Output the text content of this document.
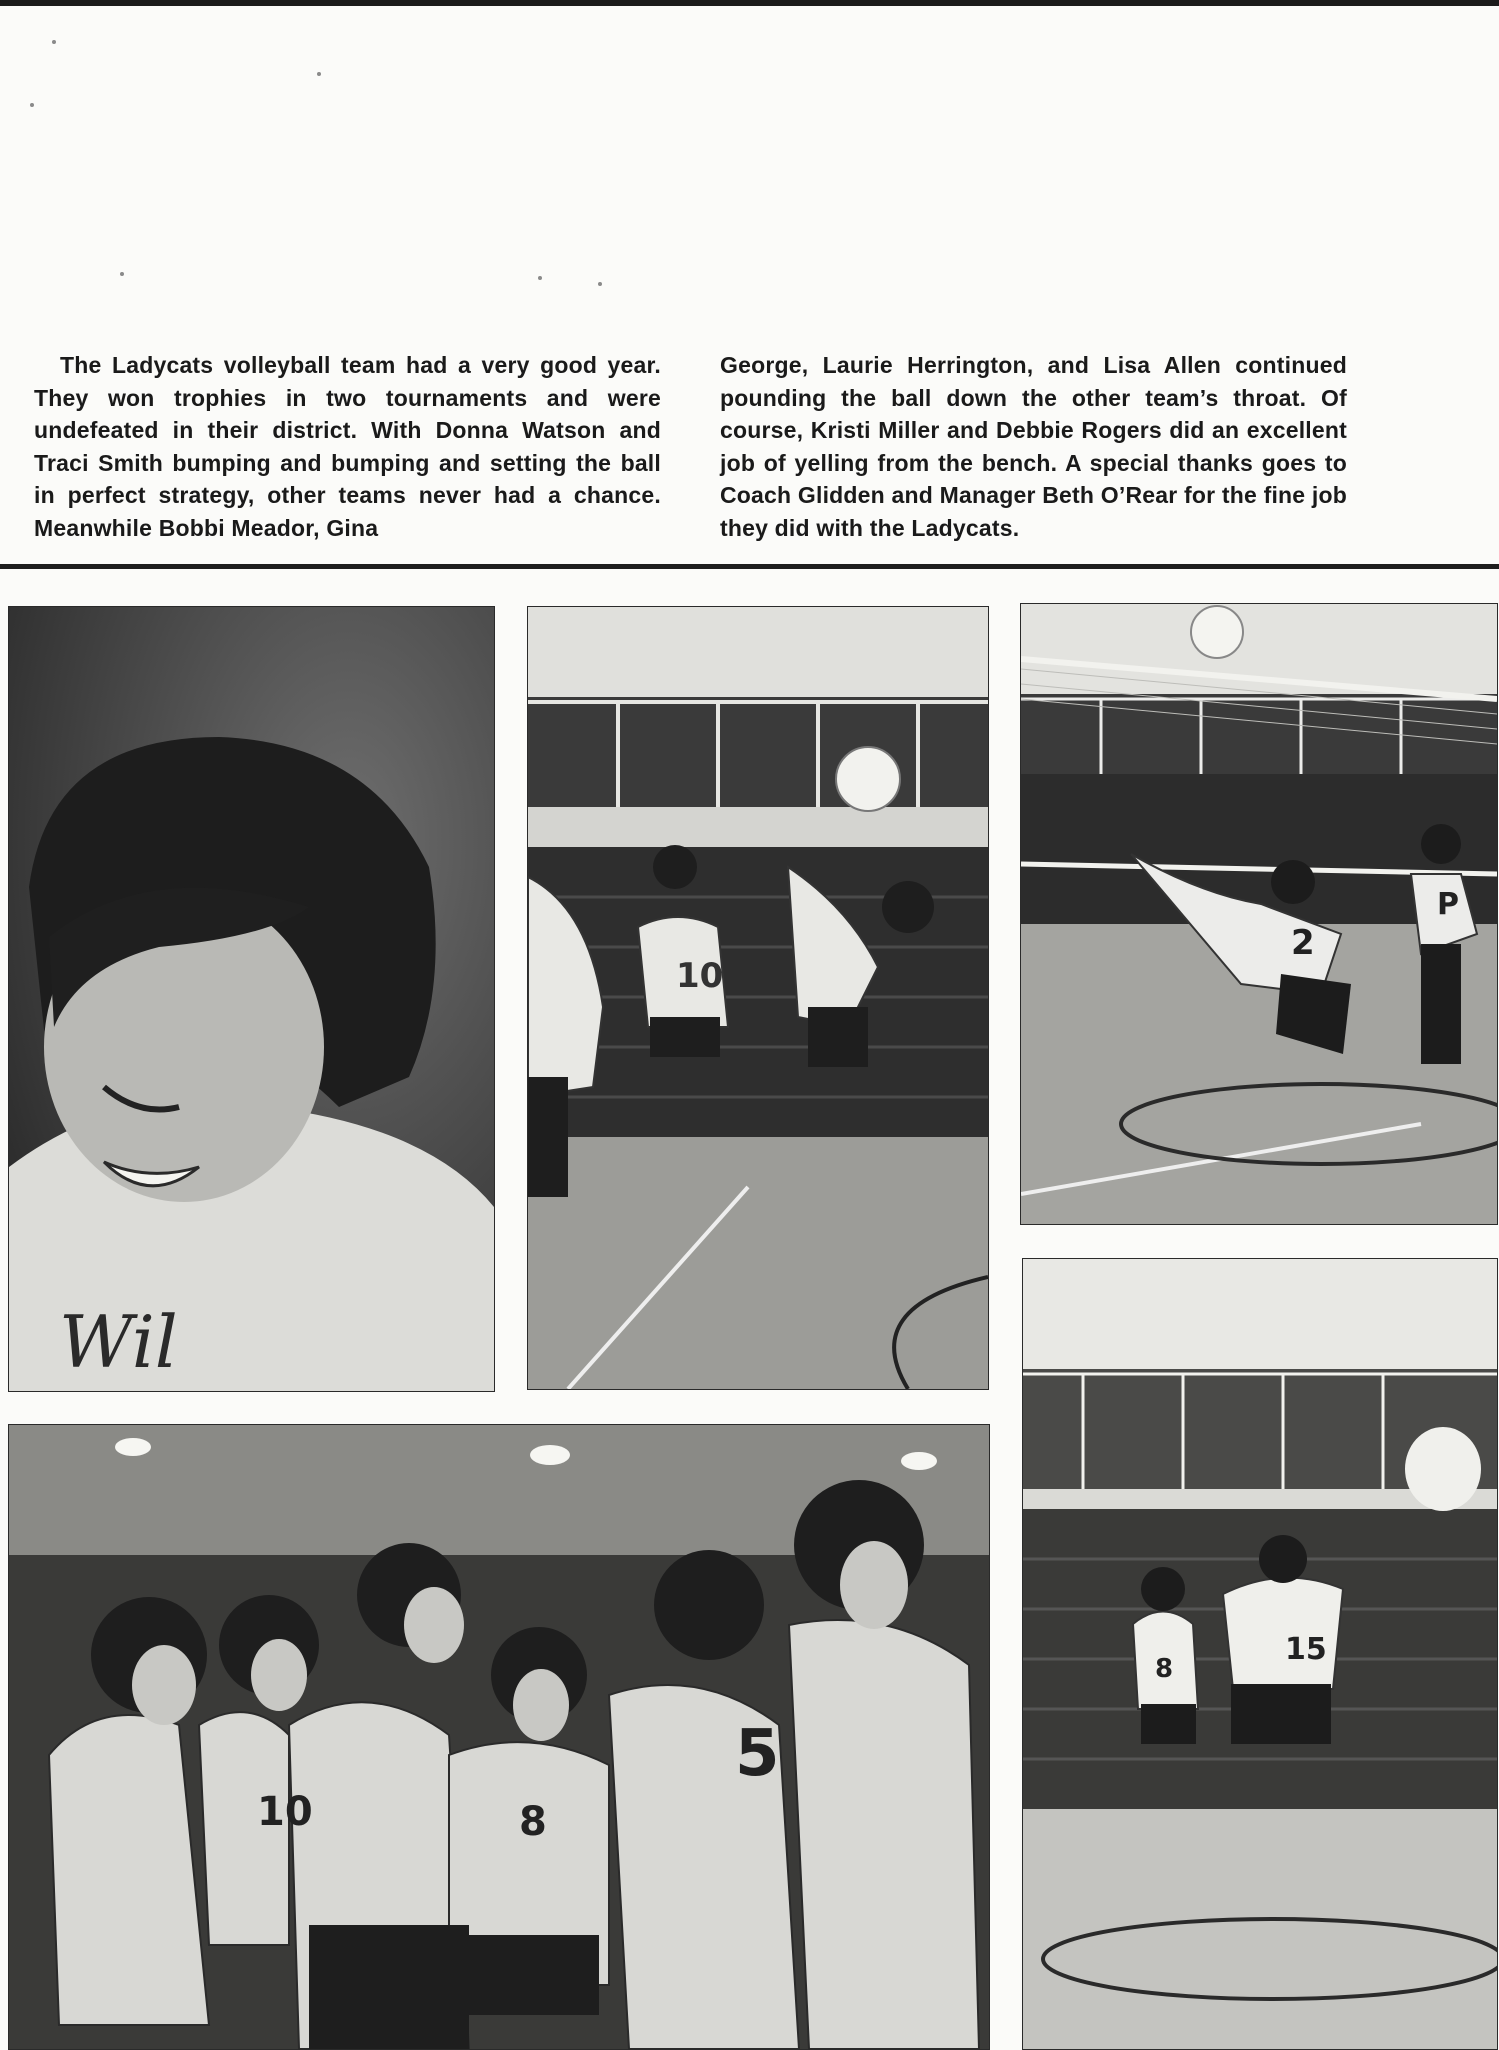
The Ladycats volleyball team had a very good year. They won trophies in two tournaments and were undefeated in their district. With Donna Watson and Traci Smith bumping and bumping and setting the ball in perfect strategy, other teams never had a chance. Meanwhile Bobbi Meador, Gina
George, Laurie Herrington, and Lisa Allen continued pounding the ball down the other team’s throat. Of course, Kristi Miller and Debbie Rogers did an excellent job of yelling from the bench. A special thanks goes to Coach Glidden and Manager Beth O’Rear for the fine job they did with the Ladycats.
Wil
10
2
P
10	8
5
8
15
